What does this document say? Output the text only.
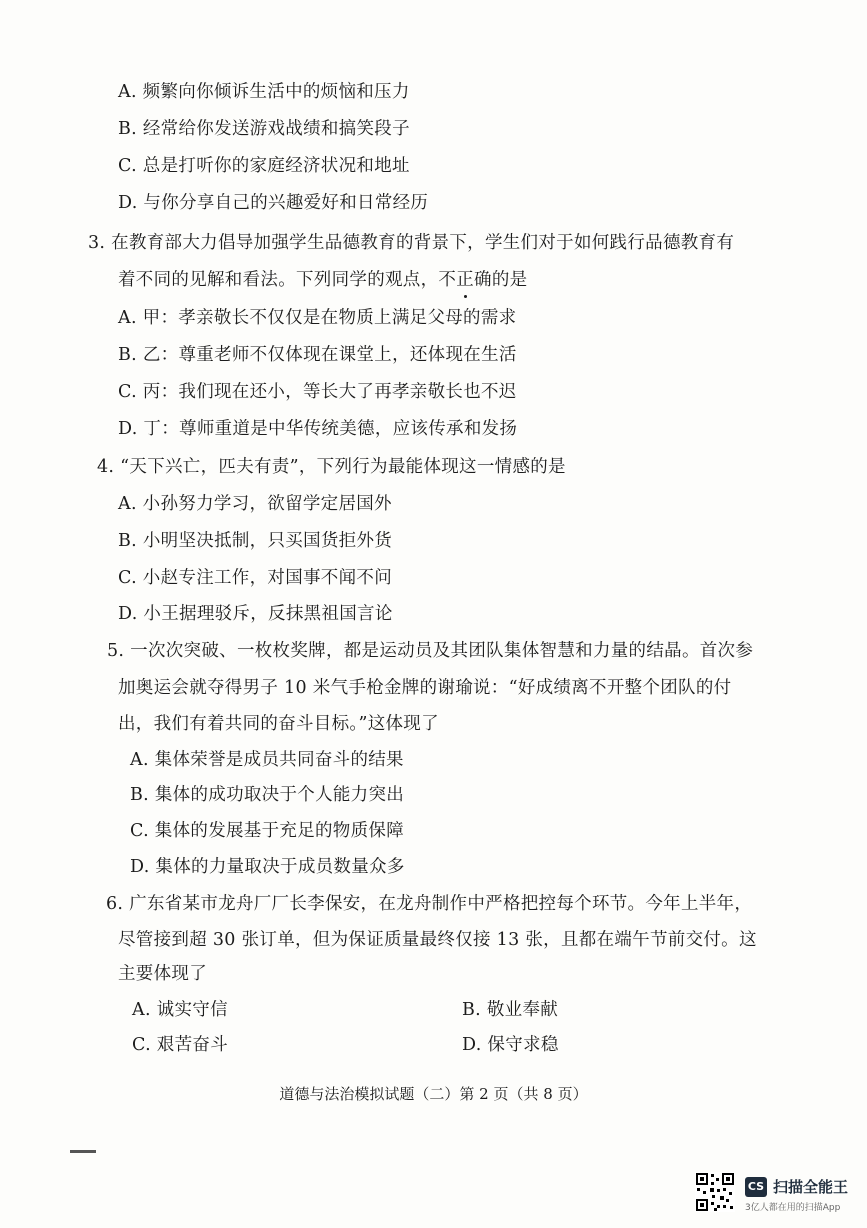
A. 频繁向你倾诉生活中的烦恼和压力
B. 经常给你发送游戏战绩和搞笑段子
C. 总是打听你的家庭经济状况和地址
D. 与你分享自己的兴趣爱好和日常经历
3. 在教育部大力倡导加强学生品德教育的背景下，学生们对于如何践行品德教育有
着不同的见解和看法。下列同学的观点，不正确的是
A. 甲：孝亲敬长不仅仅是在物质上满足父母的需求
B. 乙：尊重老师不仅体现在课堂上，还体现在生活
C. 丙：我们现在还小，等长大了再孝亲敬长也不迟
D. 丁：尊师重道是中华传统美德，应该传承和发扬
4. “天下兴亡，匹夫有责”，下列行为最能体现这一情感的是
A. 小孙努力学习，欲留学定居国外
B. 小明坚决抵制，只买国货拒外货
C. 小赵专注工作，对国事不闻不问
D. 小王据理驳斥，反抹黑祖国言论
5. 一次次突破、一枚枚奖牌，都是运动员及其团队集体智慧和力量的结晶。首次参
加奥运会就夺得男子 10 米气手枪金牌的谢瑜说：“好成绩离不开整个团队的付
出，我们有着共同的奋斗目标。”这体现了
A. 集体荣誉是成员共同奋斗的结果
B. 集体的成功取决于个人能力突出
C. 集体的发展基于充足的物质保障
D. 集体的力量取决于成员数量众多
6. 广东省某市龙舟厂厂长李保安，在龙舟制作中严格把控每个环节。今年上半年，
尽管接到超 30 张订单，但为保证质量最终仅接 13 张，且都在端午节前交付。这
主要体现了
A. 诚实守信	B. 敬业奉献
C. 艰苦奋斗	D. 保守求稳
道德与法治模拟试题（二）第 2 页（共 8 页）
CS 扫描全能王
3亿人都在用的扫描App
